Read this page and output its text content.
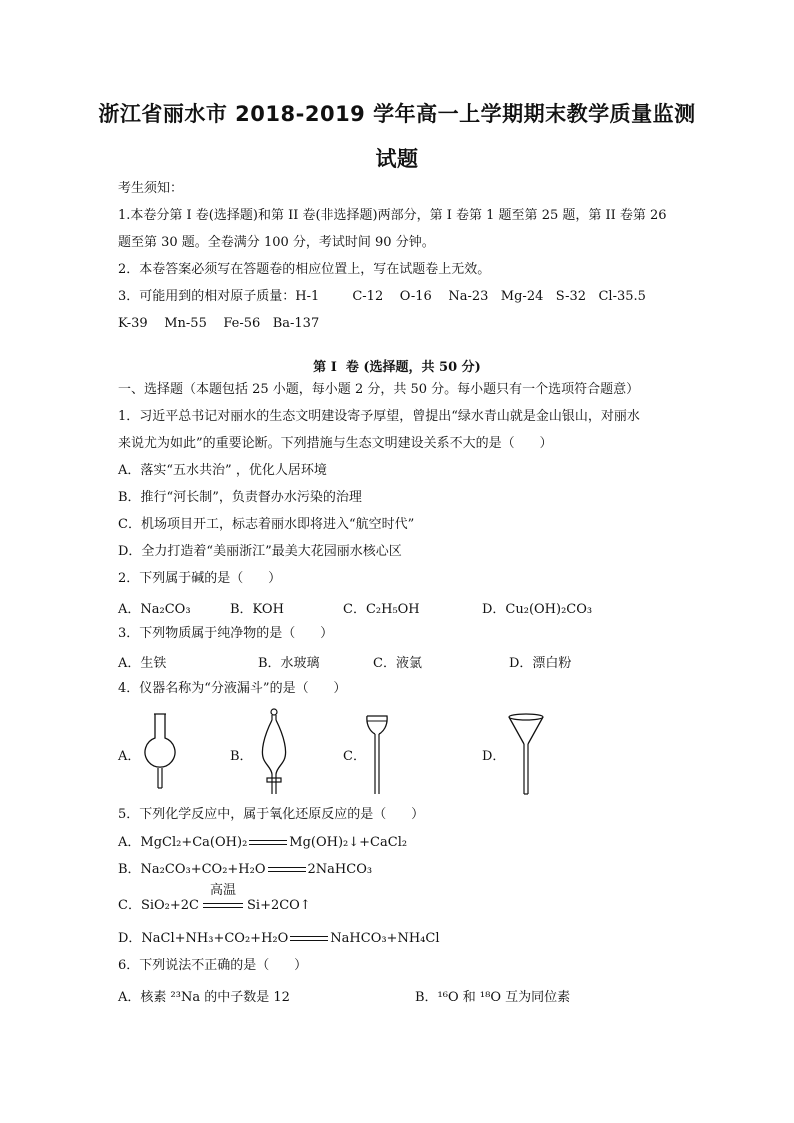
浙江省丽水市 2018-2019 学年高一上学期期末教学质量监测
试题
考生须知：
1.本卷分第 I 卷(选择题)和第 II 卷(非选择题)两部分，第 I 卷第 1 题至第 25 题，第 II 卷第 26
题至第 30 题。全卷满分 100 分，考试时间 90 分钟。
2．本卷答案必须写在答题卷的相应位置上，写在试题卷上无效。
3．可能用到的相对原子质量：H-1        C-12    O-16    Na-23   Mg-24   S-32   Cl-35.5
K-39    Mn-55    Fe-56   Ba-137
第 I  卷 (选择题，共 50 分)
一、选择题（本题包括 25 小题，每小题 2 分，共 50 分。每小题只有一个选项符合题意）
1．习近平总书记对丽水的生态文明建设寄予厚望，曾提出“绿水青山就是金山银山，对丽水
来说尤为如此”的重要论断。下列措施与生态文明建设关系不大的是（      ）
A．落实“五水共治” ，优化人居环境
B．推行“河长制”，负责督办水污染的治理
C．机场项目开工，标志着丽水即将进入“航空时代”
D．全力打造着“美丽浙江”最美大花园丽水核心区
2．下列属于碱的是（      ）
A．Na₂CO₃	B．KOH	C．C₂H₅OH	D．Cu₂(OH)₂CO₃
3．下列物质属于纯净物的是（      ）
A．生铁	B．水玻璃	C．液氯	D．漂白粉
4．仪器名称为“分液漏斗”的是（      ）
A．	B．	C．	D．
5．下列化学反应中，属于氧化还原反应的是（      ）
A．MgCl₂+Ca(OH)₂	Mg(OH)₂↓+CaCl₂
B．Na₂CO₃+CO₂+H₂O	2NaHCO₃
C．SiO₂+2C
高温
Si+2CO↑
D．NaCl+NH₃+CO₂+H₂O	NaHCO₃+NH₄Cl
6．下列说法不正确的是（      ）
A．核素 ²³Na 的中子数是 12	B．¹⁶O 和 ¹⁸O 互为同位素
